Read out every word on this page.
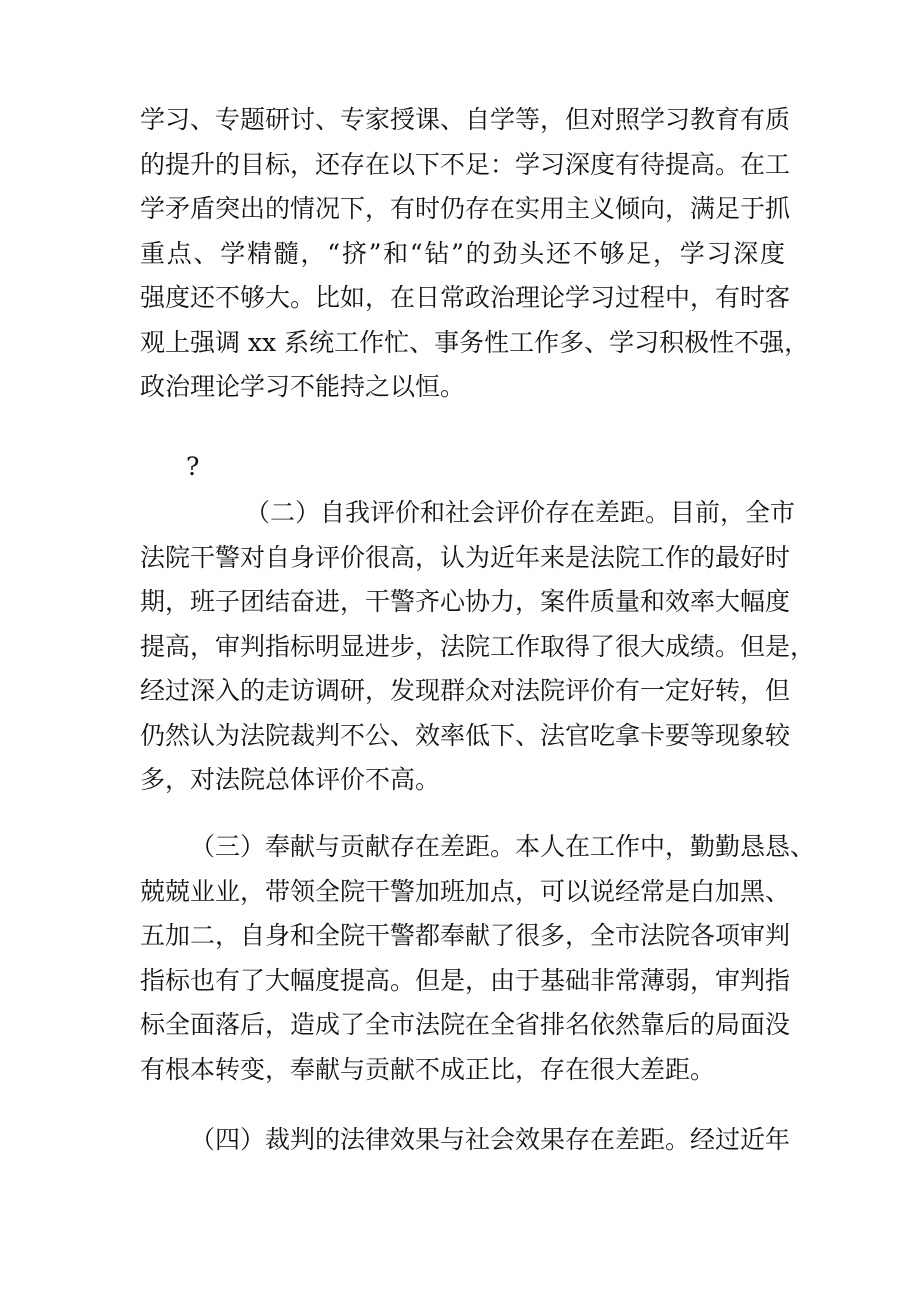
学习、专题研讨、专家授课、自学等，但对照学习教育有质
的提升的目标，还存在以下不足：学习深度有待提高。在工
学矛盾突出的情况下，有时仍存在实用主义倾向，满足于抓
重点、学精髓，“挤”和“钻”的劲头还不够足，学习深度
强度还不够大。比如，在日常政治理论学习过程中，有时客
观上强调 xx 系统工作忙、事务性工作多、学习积极性不强，
政治理论学习不能持之以恒。
?
（二）自我评价和社会评价存在差距。目前，全市
法院干警对自身评价很高，认为近年来是法院工作的最好时
期，班子团结奋进，干警齐心协力，案件质量和效率大幅度
提高，审判指标明显进步，法院工作取得了很大成绩。但是，
经过深入的走访调研，发现群众对法院评价有一定好转，但
仍然认为法院裁判不公、效率低下、法官吃拿卡要等现象较
多，对法院总体评价不高。
（三）奉献与贡献存在差距。本人在工作中，勤勤恳恳、
兢兢业业，带领全院干警加班加点，可以说经常是白加黑、
五加二，自身和全院干警都奉献了很多，全市法院各项审判
指标也有了大幅度提高。但是，由于基础非常薄弱，审判指
标全面落后，造成了全市法院在全省排名依然靠后的局面没
有根本转变，奉献与贡献不成正比，存在很大差距。
（四）裁判的法律效果与社会效果存在差距。经过近年
